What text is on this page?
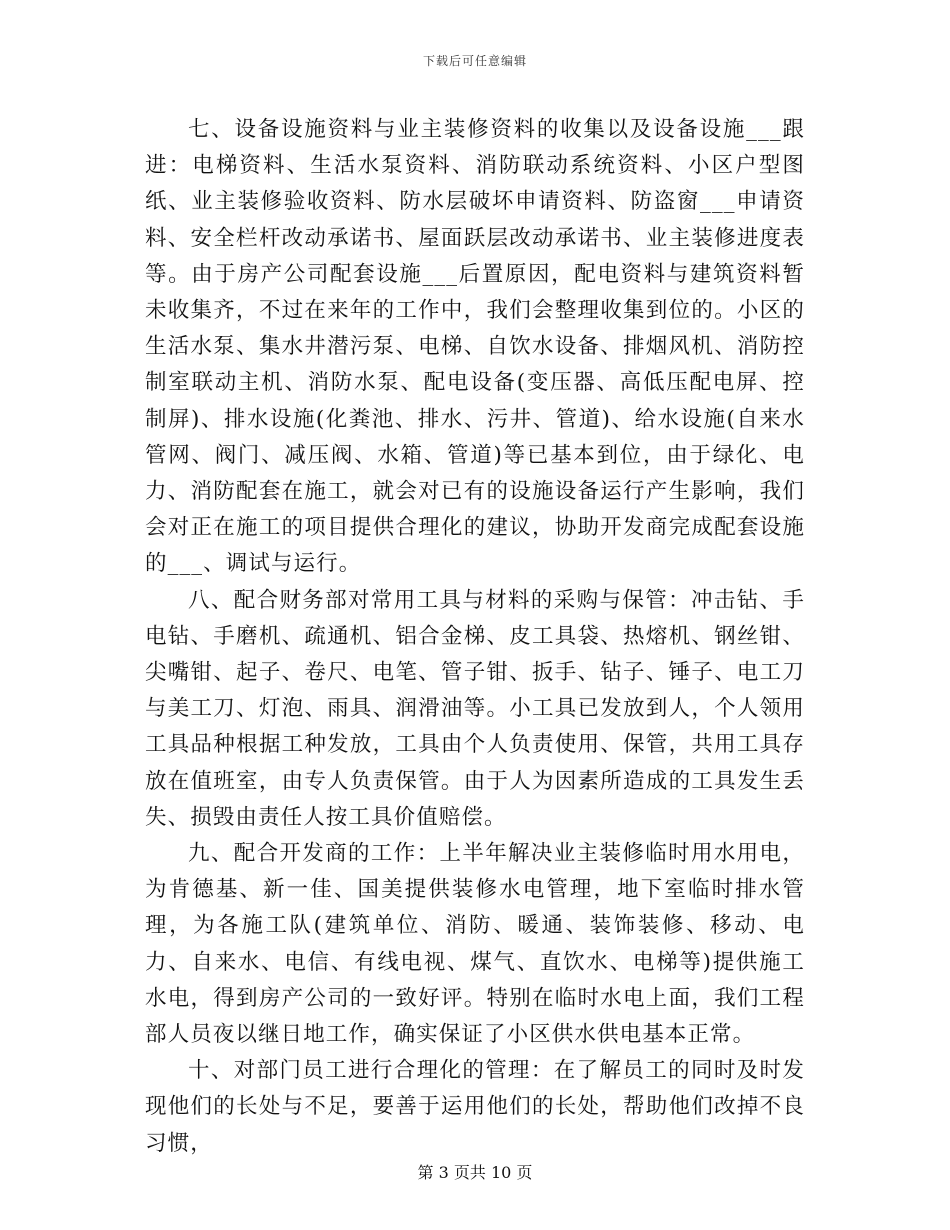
下载后可任意编辑

七、设备设施资料与业主装修资料的收集以及设备设施___跟进：电梯资料、生活水泵资料、消防联动系统资料、小区户型图纸、业主装修验收资料、防水层破坏申请资料、防盗窗___申请资料、安全栏杆改动承诺书、屋面跃层改动承诺书、业主装修进度表等。由于房产公司配套设施___后置原因，配电资料与建筑资料暂未收集齐，不过在来年的工作中，我们会整理收集到位的。小区的生活水泵、集水井潜污泵、电梯、自饮水设备、排烟风机、消防控制室联动主机、消防水泵、配电设备(变压器、高低压配电屏、控制屏)、排水设施(化粪池、排水、污井、管道)、给水设施(自来水管网、阀门、减压阀、水箱、管道)等已基本到位，由于绿化、电力、消防配套在施工，就会对已有的设施设备运行产生影响，我们会对正在施工的项目提供合理化的建议，协助开发商完成配套设施的___、调试与运行。

八、配合财务部对常用工具与材料的采购与保管：冲击钻、手电钻、手磨机、疏通机、铝合金梯、皮工具袋、热熔机、钢丝钳、尖嘴钳、起子、卷尺、电笔、管子钳、扳手、钻子、锤子、电工刀与美工刀、灯泡、雨具、润滑油等。小工具已发放到人，个人领用工具品种根据工种发放，工具由个人负责使用、保管，共用工具存放在值班室，由专人负责保管。由于人为因素所造成的工具发生丢失、损毁由责任人按工具价值赔偿。

九、配合开发商的工作：上半年解决业主装修临时用水用电，为肯德基、新一佳、国美提供装修水电管理，地下室临时排水管理，为各施工队(建筑单位、消防、暖通、装饰装修、移动、电力、自来水、电信、有线电视、煤气、直饮水、电梯等)提供施工水电，得到房产公司的一致好评。特别在临时水电上面，我们工程部人员夜以继日地工作，确实保证了小区供水供电基本正常。

十、对部门员工进行合理化的管理：在了解员工的同时及时发现他们的长处与不足，要善于运用他们的长处，帮助他们改掉不良习惯，

第 3 页共 10 页
